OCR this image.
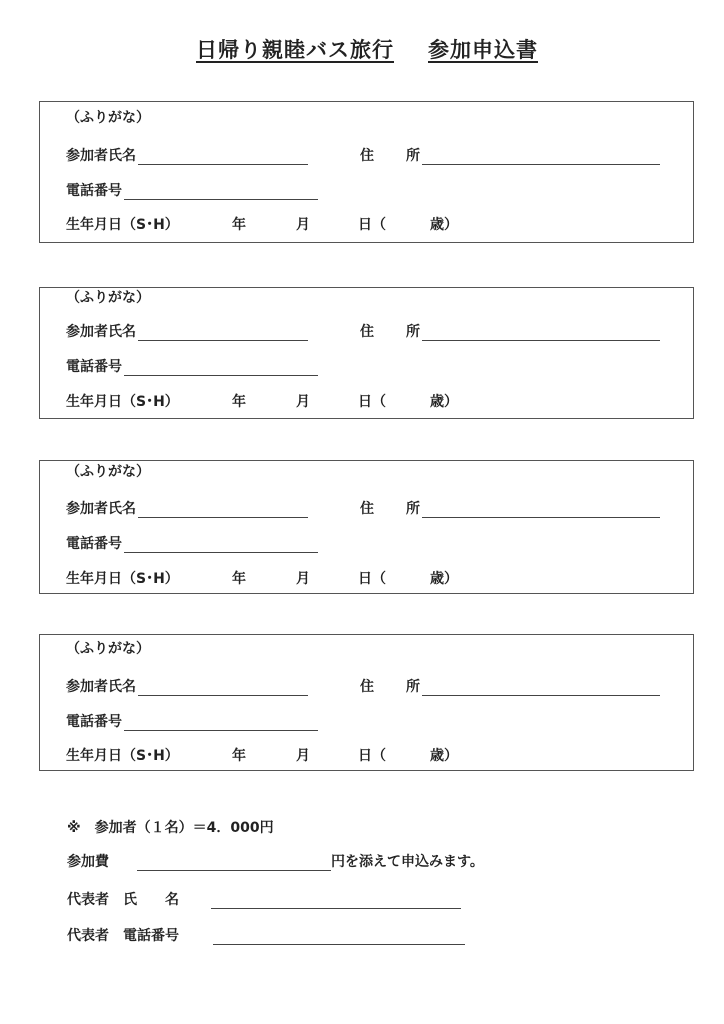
日帰り親睦バス旅行 参加申込書
（ふりがな）
参加者氏名	住 所
電話番号
生年月日（S･H）	年	月	日（	歳）
（ふりがな）
参加者氏名	住 所
電話番号
生年月日（S･H）	年	月	日（	歳）
（ふりがな）
参加者氏名	住 所
電話番号
生年月日（S･H）	年	月	日（	歳）
（ふりがな）
参加者氏名	住 所
電話番号
生年月日（S･H）	年	月	日（	歳）
※　参加者（１名）＝4．000円
参加費	円を添えて申込みます。
代表者　氏　　名
代表者　電話番号
